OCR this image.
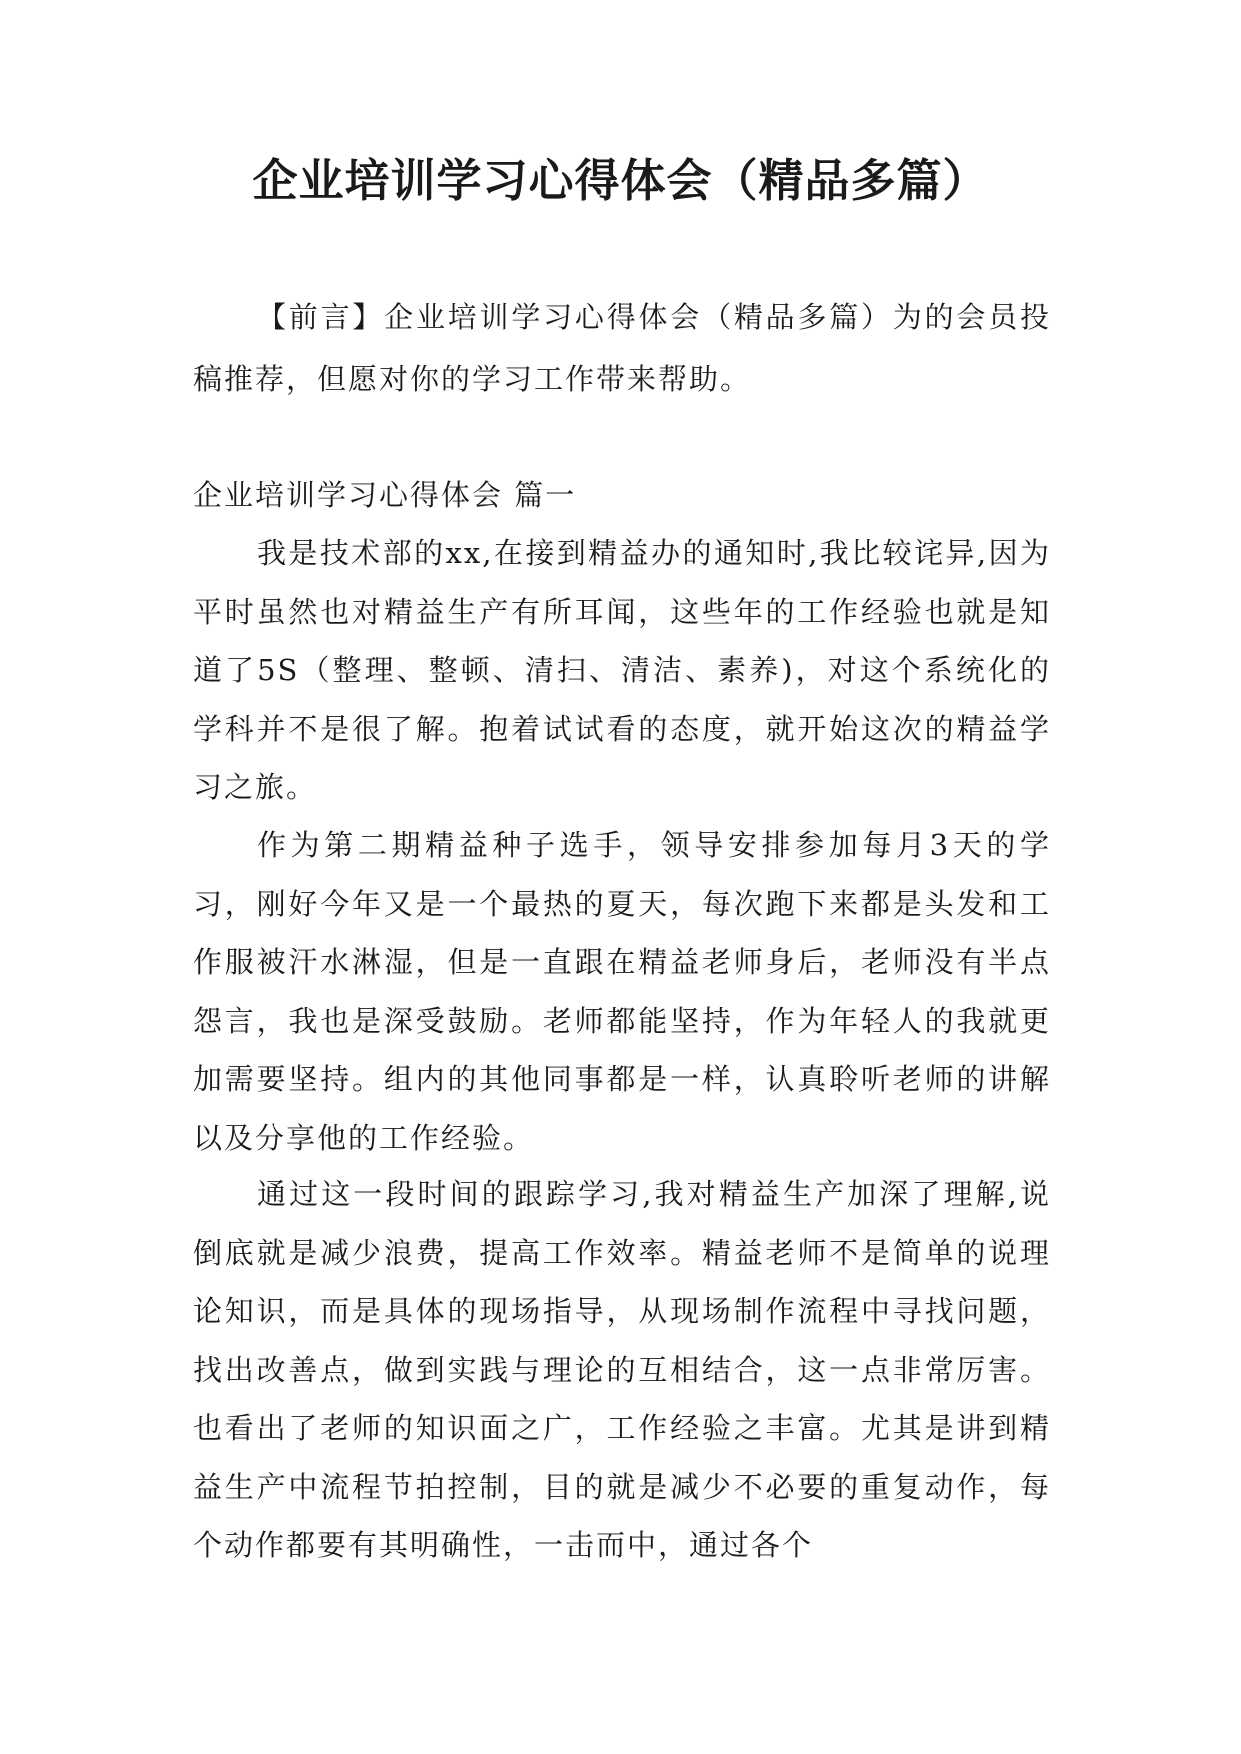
企业培训学习心得体会（精品多篇）

【前言】企业培训学习心得体会（精品多篇）为的会员投稿推荐，但愿对你的学习工作带来帮助。

企业培训学习心得体会 篇一

我是技术部的xx,在接到精益办的通知时,我比较诧异,因为平时虽然也对精益生产有所耳闻，这些年的工作经验也就是知道了5S（整理、整顿、清扫、清洁、素养)，对这个系统化的学科并不是很了解。抱着试试看的态度，就开始这次的精益学习之旅。

作为第二期精益种子选手，领导安排参加每月3天的学习，刚好今年又是一个最热的夏天，每次跑下来都是头发和工作服被汗水淋湿，但是一直跟在精益老师身后，老师没有半点怨言，我也是深受鼓励。老师都能坚持，作为年轻人的我就更加需要坚持。组内的其他同事都是一样，认真聆听老师的讲解以及分享他的工作经验。

通过这一段时间的跟踪学习,我对精益生产加深了理解,说倒底就是减少浪费，提高工作效率。精益老师不是简单的说理论知识，而是具体的现场指导，从现场制作流程中寻找问题，找出改善点，做到实践与理论的互相结合，这一点非常厉害。也看出了老师的知识面之广，工作经验之丰富。尤其是讲到精益生产中流程节拍控制，目的就是减少不必要的重复动作，每个动作都要有其明确性，一击而中，通过各个
